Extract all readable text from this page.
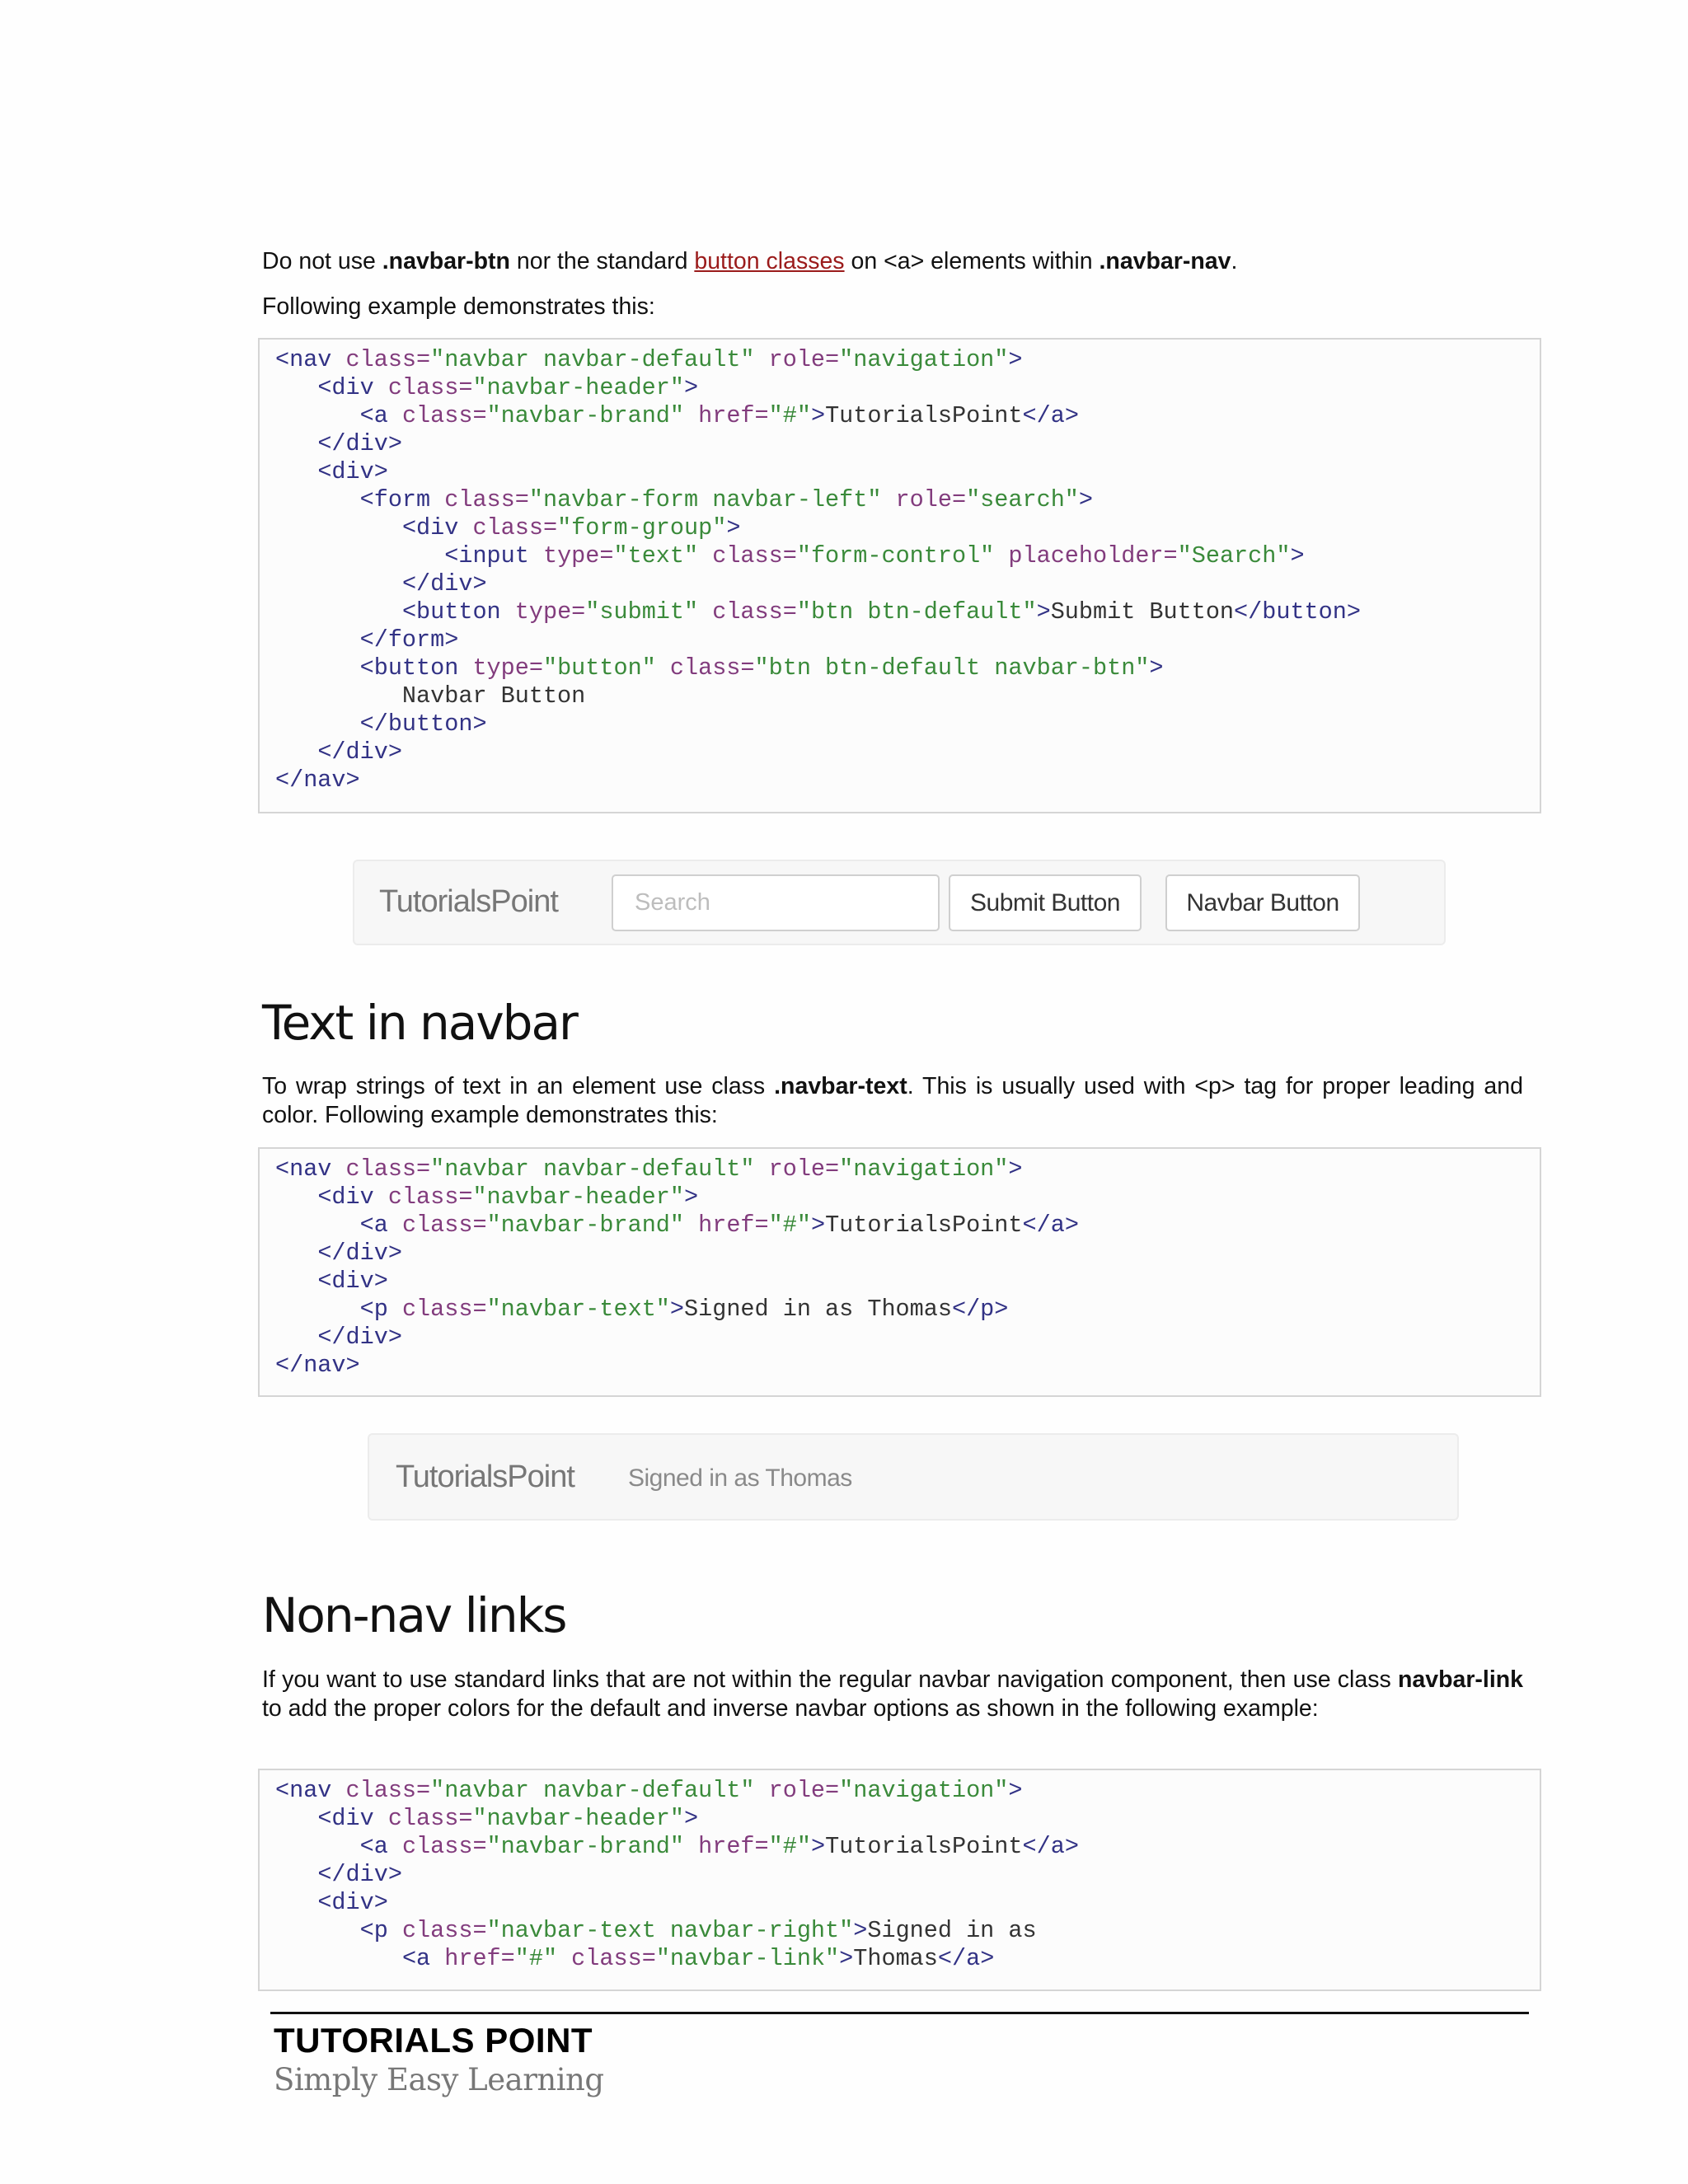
Do not use .navbar-btn nor the standard button classes on <a> elements within .navbar-nav.

Following example demonstrates this:

<nav class="navbar navbar-default" role="navigation">
<div class="navbar-header">
<a class="navbar-brand" href="#">TutorialsPoint</a>
</div>
<div>
<form class="navbar-form navbar-left" role="search">
<div class="form-group">
<input type="text" class="form-control" placeholder="Search">
</div>
<button type="submit" class="btn btn-default">Submit Button</button>
</form>
<button type="button" class="btn btn-default navbar-btn">
Navbar Button
</button>
</div>
</nav>
TutorialsPoint
Search	Submit Button	Navbar Button
Text in navbar

To wrap strings of text in an element use class .navbar-text. This is usually used with <p> tag for proper leading and color. Following example demonstrates this:

<nav class="navbar navbar-default" role="navigation">
<div class="navbar-header">
<a class="navbar-brand" href="#">TutorialsPoint</a>
</div>
<div>
<p class="navbar-text">Signed in as Thomas</p>
</div>
</nav>
TutorialsPoint Signed in as Thomas
Non-nav links

If you want to use standard links that are not within the regular navbar navigation component, then use class navbar-link to add the proper colors for the default and inverse navbar options as shown in the following example:

<nav class="navbar navbar-default" role="navigation">
<div class="navbar-header">
<a class="navbar-brand" href="#">TutorialsPoint</a>
</div>
<div>
<p class="navbar-text navbar-right">Signed in as
<a href="#" class="navbar-link">Thomas</a>
TUTORIALS POINT
Simply Easy Learning
